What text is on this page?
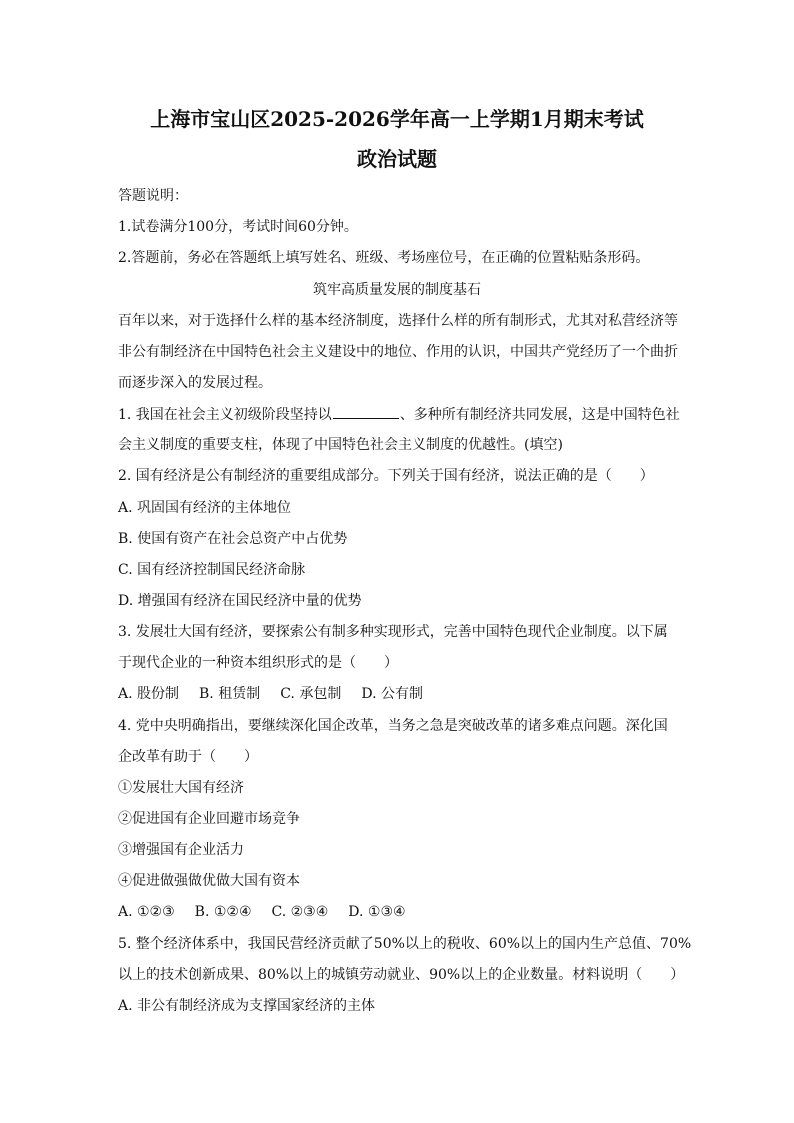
上海市宝山区2025-2026学年高一上学期1月期末考试
政治试题
答题说明：
1.试卷满分100分，考试时间60分钟。
2.答题前，务必在答题纸上填写姓名、班级、考场座位号，在正确的位置粘贴条形码。
筑牢高质量发展的制度基石
百年以来，对于选择什么样的基本经济制度，选择什么样的所有制形式，尤其对私营经济等
非公有制经济在中国特色社会主义建设中的地位、作用的认识，中国共产党经历了一个曲折
而逐步深入的发展过程。
1. 我国在社会主义初级阶段坚持以	、多种所有制经济共同发展，这是中国特色社
会主义制度的重要支柱，体现了中国特色社会主义制度的优越性。(填空)
2. 国有经济是公有制经济的重要组成部分。下列关于国有经济，说法正确的是（　　）
A. 巩固国有经济的主体地位
B. 使国有资产在社会总资产中占优势
C. 国有经济控制国民经济命脉
D. 增强国有经济在国民经济中量的优势
3. 发展壮大国有经济，要探索公有制多种实现形式，完善中国特色现代企业制度。以下属
于现代企业的一种资本组织形式的是（　　）
A. 股份制 B. 租赁制 C. 承包制 D. 公有制
4. 党中央明确指出，要继续深化国企改革，当务之急是突破改革的诸多难点问题。深化国
企改革有助于（　　）
①发展壮大国有经济
②促进国有企业回避市场竞争
③增强国有企业活力
④促进做强做优做大国有资本
A. ①②③ B. ①②④ C. ②③④ D. ①③④
5. 整个经济体系中，我国民营经济贡献了50%以上的税收、60%以上的国内生产总值、70%
以上的技术创新成果、80%以上的城镇劳动就业、90%以上的企业数量。材料说明（　　）
A. 非公有制经济成为支撑国家经济的主体
